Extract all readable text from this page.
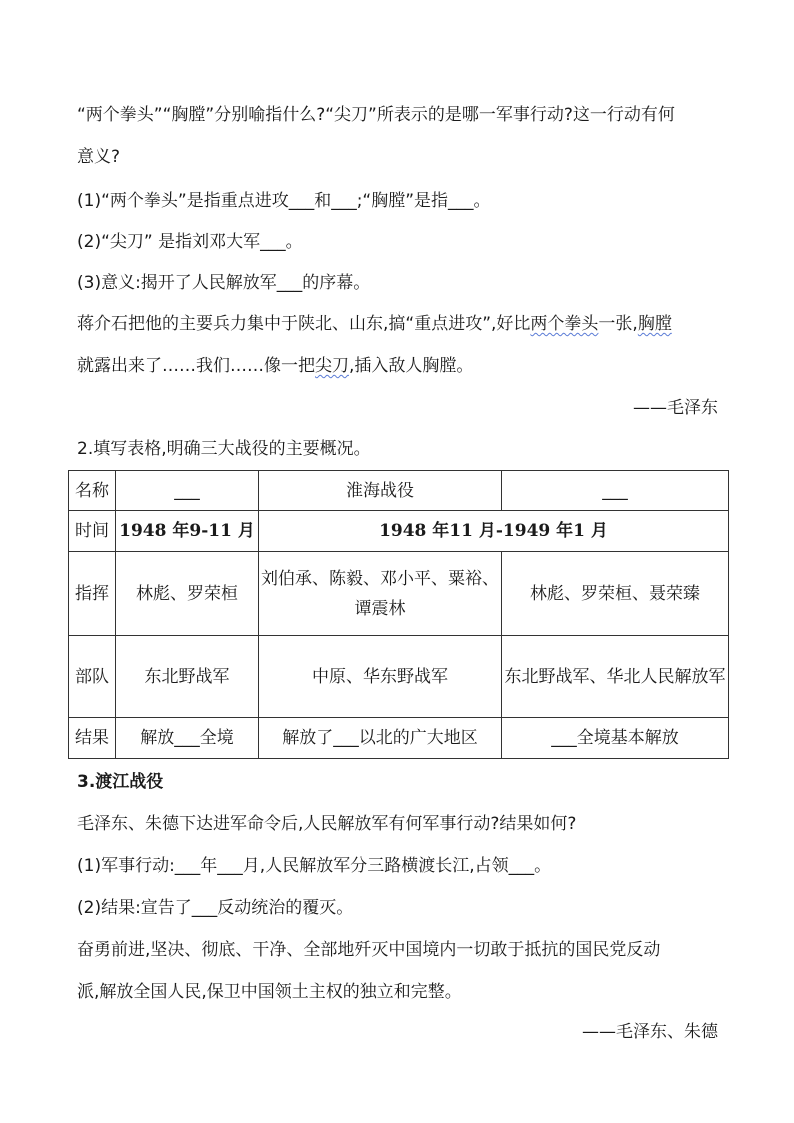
“两个拳头”“胸膛”分别喻指什么?“尖刀”所表示的是哪一军事行动?这一行动有何
意义?
(1)“两个拳头”是指重点进攻___和___;“胸膛”是指___。
(2)“尖刀” 是指刘邓大军___。
(3)意义:揭开了人民解放军___的序幕。
蒋介石把他的主要兵力集中于陕北、山东,搞“重点进攻”,好比两个拳头一张,胸膛
就露出来了……我们……像一把尖刀,插入敌人胸膛。
——毛泽东
2.填写表格,明确三大战役的主要概况。
名称	___	淮海战役	___
时间	1948 年9-11 月	1948 年11 月-1949 年1 月	
指挥	林彪、罗荣桓	刘伯承、陈毅、邓小平、粟裕、谭震林	林彪、罗荣桓、聂荣臻
部队	东北野战军	中原、华东野战军	东北野战军、华北人民解放军
结果	解放___全境	解放了___以北的广大地区	___全境基本解放
3.渡江战役
毛泽东、朱德下达进军命令后,人民解放军有何军事行动?结果如何?
(1)军事行动:___年___月,人民解放军分三路横渡长江,占领___。
(2)结果:宣告了___反动统治的覆灭。
奋勇前进,坚决、彻底、干净、全部地歼灭中国境内一切敢于抵抗的国民党反动
派,解放全国人民,保卫中国领土主权的独立和完整。
——毛泽东、朱德
